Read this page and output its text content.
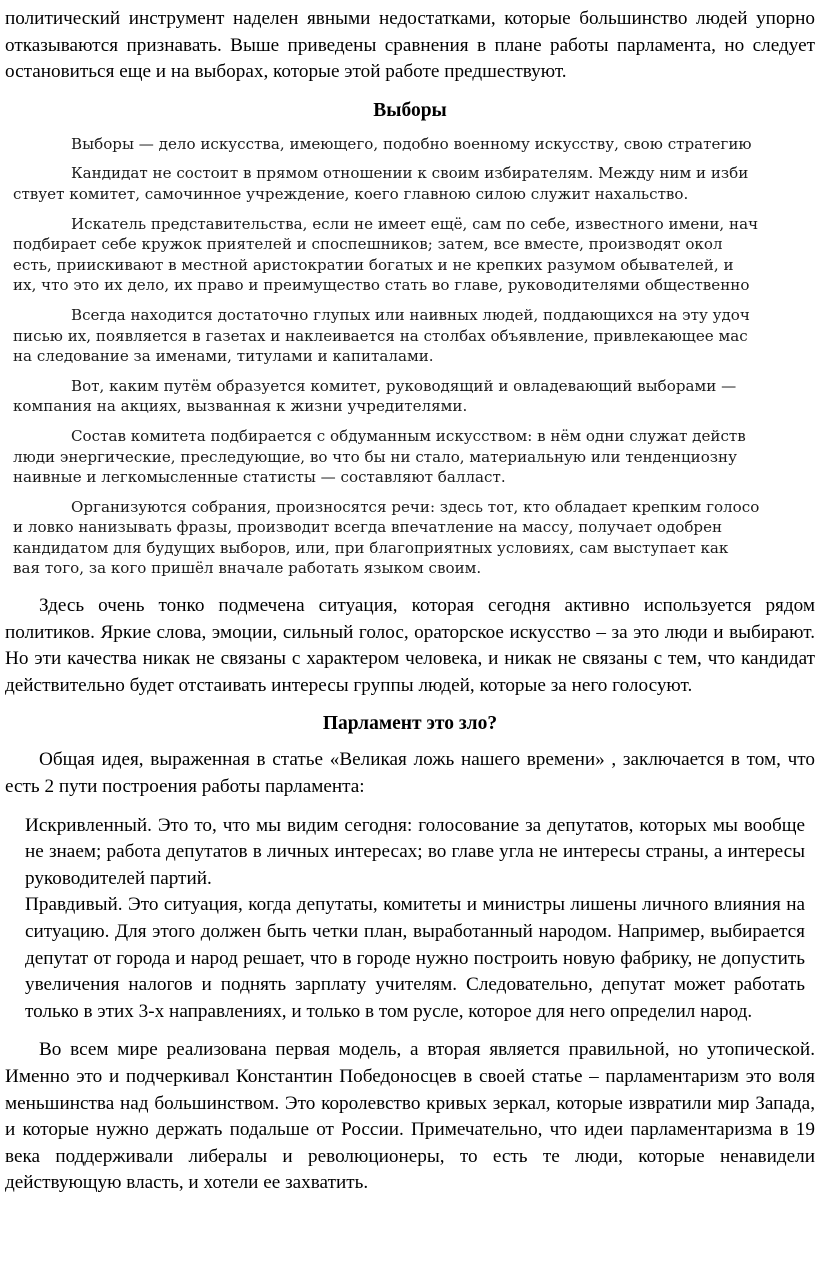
политический инструмент наделен явными недостатками, которые большинство людей упорно отказываются признавать. Выше приведены сравнения в плане работы парламента, но следует остановиться еще и на выборах, которые этой работе предшествуют.

Выборы
Выборы — дело искусства, имеющего, подобно военному искусству, свою стратегию
Кандидат не состоит в прямом отношении к своим избирателям. Между ним и изби
ствует комитет, самочинное учреждение, коего главною силою служит нахальство.
Искатель представительства, если не имеет ещё, сам по себе, известного имени, нач
подбирает себе кружок приятелей и споспешников; затем, все вместе, производят окол
есть, приискивают в местной аристократии богатых и не крепких разумом обывателей, и
их, что это их дело, их право и преимущество стать во главе, руководителями общественно
Всегда находится достаточно глупых или наивных людей, поддающихся на эту удоч
писью их, появляется в газетах и наклеивается на столбах объявление, привлекающее мас
на следование за именами, титулами и капиталами.
Вот, каким путём образуется комитет, руководящий и овладевающий выборами —
компания на акциях, вызванная к жизни учредителями.
Состав комитета подбирается с обдуманным искусством: в нём одни служат действ
люди энергические, преследующие, во что бы ни стало, материальную или тенденциозну
наивные и легкомысленные статисты — составляют балласт.
Организуются собрания, произносятся речи: здесь тот, кто обладает крепким голосо
и ловко нанизывать фразы, производит всегда впечатление на массу, получает одобрен
кандидатом для будущих выборов, или, при благоприятных условиях, сам выступает как
вая того, за кого пришёл вначале работать языком своим.

Здесь очень тонко подмечена ситуация, которая сегодня активно используется рядом политиков. Яркие слова, эмоции, сильный голос, ораторское искусство – за это люди и выбирают. Но эти качества никак не связаны с характером человека, и никак не связаны с тем, что кандидат действительно будет отстаивать интересы группы людей, которые за него голосуют.

Парламент это зло?

Общая идея, выраженная в статье «Великая ложь нашего времени» , заключается в том, что есть 2 пути построения работы парламента:

Искривленный. Это то, что мы видим сегодня: голосование за депутатов, которых мы вообще не знаем; работа депутатов в личных интересах; во главе угла не интересы страны, а интересы руководителей партий.

Правдивый. Это ситуация, когда депутаты, комитеты и министры лишены личного влияния на ситуацию. Для этого должен быть четки план, выработанный народом. Например, выбирается депутат от города и народ решает, что в городе нужно построить новую фабрику, не допустить увеличения налогов и поднять зарплату учителям. Следовательно, депутат может работать только в этих 3-х направлениях, и только в том русле, которое для него определил народ.

Во всем мире реализована первая модель, а вторая является правильной, но утопической. Именно это и подчеркивал Константин Победоносцев в своей статье – парламентаризм это воля меньшинства над большинством. Это королевство кривых зеркал, которые извратили мир Запада, и которые нужно держать подальше от России. Примечательно, что идеи парламентаризма в 19 века поддерживали либералы и революционеры, то есть те люди, которые ненавидели действующую власть, и хотели ее захватить.
